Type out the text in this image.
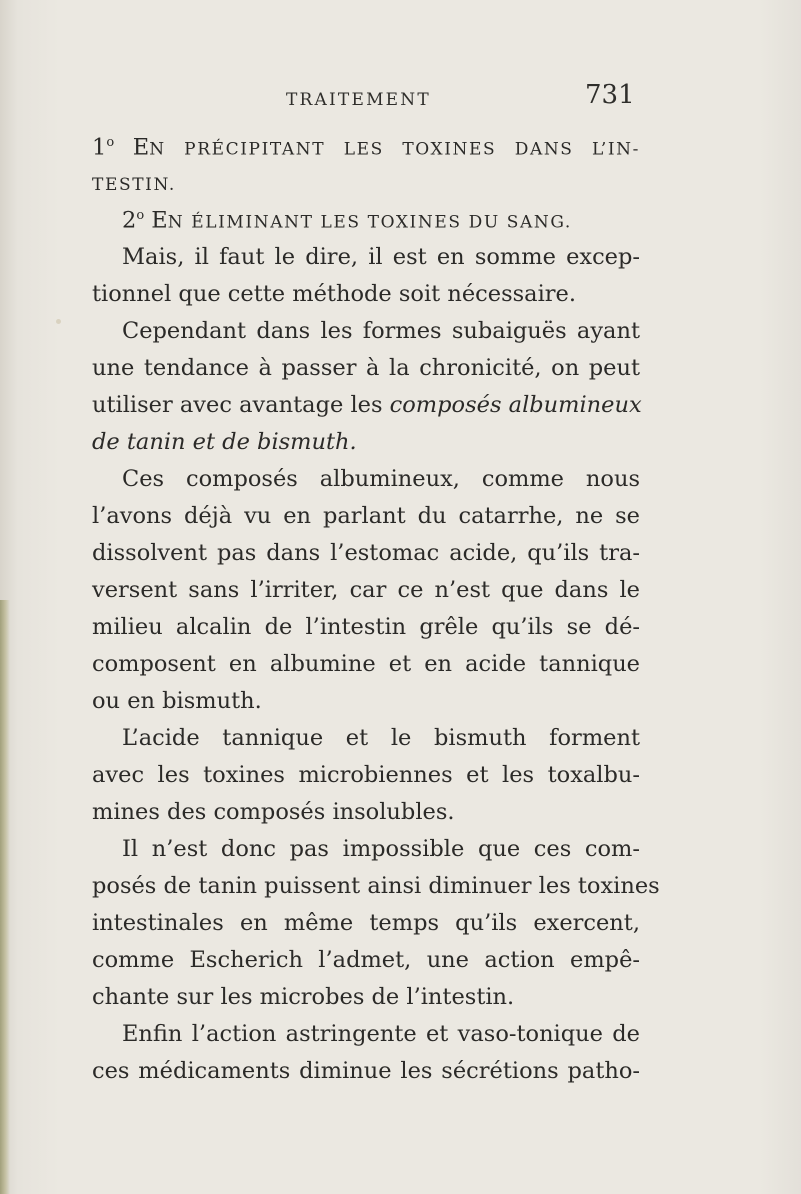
TRAITEMENT	731
1$^o$ EN PRÉCIPITANT LES TOXINES DANS L’IN-
TESTIN.
2$^o$ EN ÉLIMINANT LES TOXINES DU SANG.
Mais, il faut le dire, il est en somme excep-
tionnel que cette méthode soit nécessaire.
Cependant dans les formes subaiguës ayant
une tendance à passer à la chronicité, on peut
utiliser avec avantage les composés albumineux
de tanin et de bismuth.
Ces composés albumineux, comme nous
l’avons déjà vu en parlant du catarrhe, ne se
dissolvent pas dans l’estomac acide, qu’ils tra-
versent sans l’irriter, car ce n’est que dans le
milieu alcalin de l’intestin grêle qu’ils se dé-
composent en albumine et en acide tannique
ou en bismuth.
L’acide tannique et le bismuth forment
avec les toxines microbiennes et les toxalbu-
mines des composés insolubles.
Il n’est donc pas impossible que ces com-
posés de tanin puissent ainsi diminuer les toxines
intestinales en même temps qu’ils exercent,
comme Escherich l’admet, une action empê-
chante sur les microbes de l’intestin.
Enfin l’action astringente et vaso-tonique de
ces médicaments diminue les sécrétions patho-
